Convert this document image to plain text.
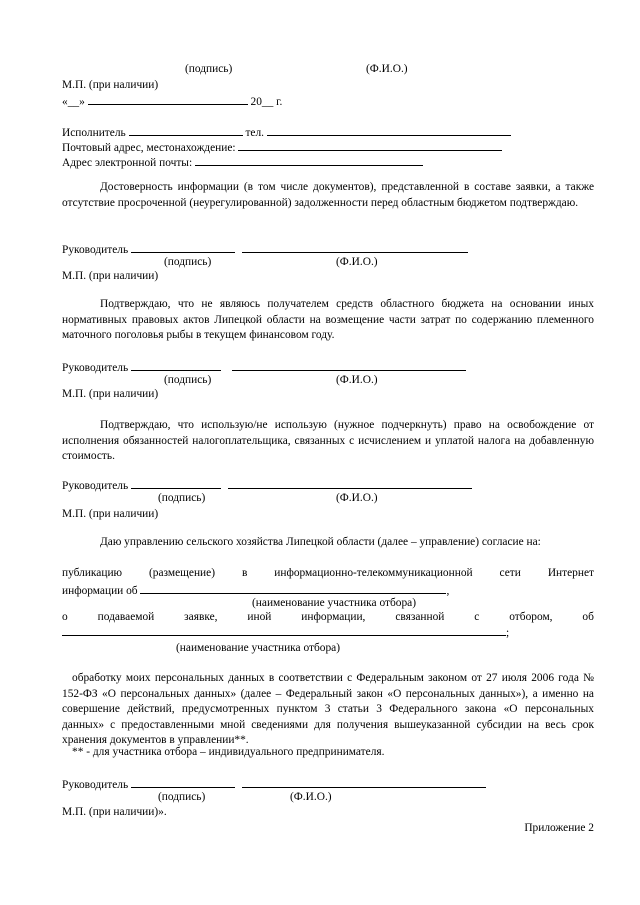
(подпись)	(Ф.И.О.)
М.П. (при наличии)
«__»	20__ г.
Исполнитель	тел.
Почтовый адрес, местонахождение:
Адрес электронной почты:

Достоверность информации (в том числе документов), представленной в составе заявки, а также отсутствие просроченной (неурегулированной) задолженности перед областным бюджетом подтверждаю.

Руководитель
(подпись)	(Ф.И.О.)
М.П. (при наличии)

Подтверждаю, что не являюсь получателем средств областного бюджета на основании иных нормативных правовых актов Липецкой области на возмещение части затрат по содержанию племенного маточного поголовья рыбы в текущем финансовом году.

Руководитель
(подпись)	(Ф.И.О.)
М.П. (при наличии)

Подтверждаю, что использую/не использую (нужное подчеркнуть) право на освобождение от исполнения обязанностей налогоплательщика, связанных с исчислением и уплатой налога на добавленную стоимость.

Руководитель
(подпись)	(Ф.И.О.)
М.П. (при наличии)

Даю управлению сельского хозяйства Липецкой области (далее – управление) согласие на:

публикацию (размещение) в информационно-телекоммуникационной сети Интернет

информации об	,
(наименование участника отбора)
о	подаваемой	заявке,	иной	информации,	связанной	с	отбором,	об
;
(наименование участника отбора)

обработку моих персональных данных в соответствии с Федеральным законом от 27 июля 2006 года № 152-ФЗ «О персональных данных» (далее – Федеральный закон «О персональных данных»), а именно на совершение действий, предусмотренных пунктом 3 статьи 3 Федерального закона «О персональных данных» с предоставленными мной сведениями для получения вышеуказанной субсидии на весь срок хранения документов в управлении**.

** - для участника отбора – индивидуального предпринимателя.
Руководитель
(подпись)	(Ф.И.О.)
М.П. (при наличии)».
Приложение 2
